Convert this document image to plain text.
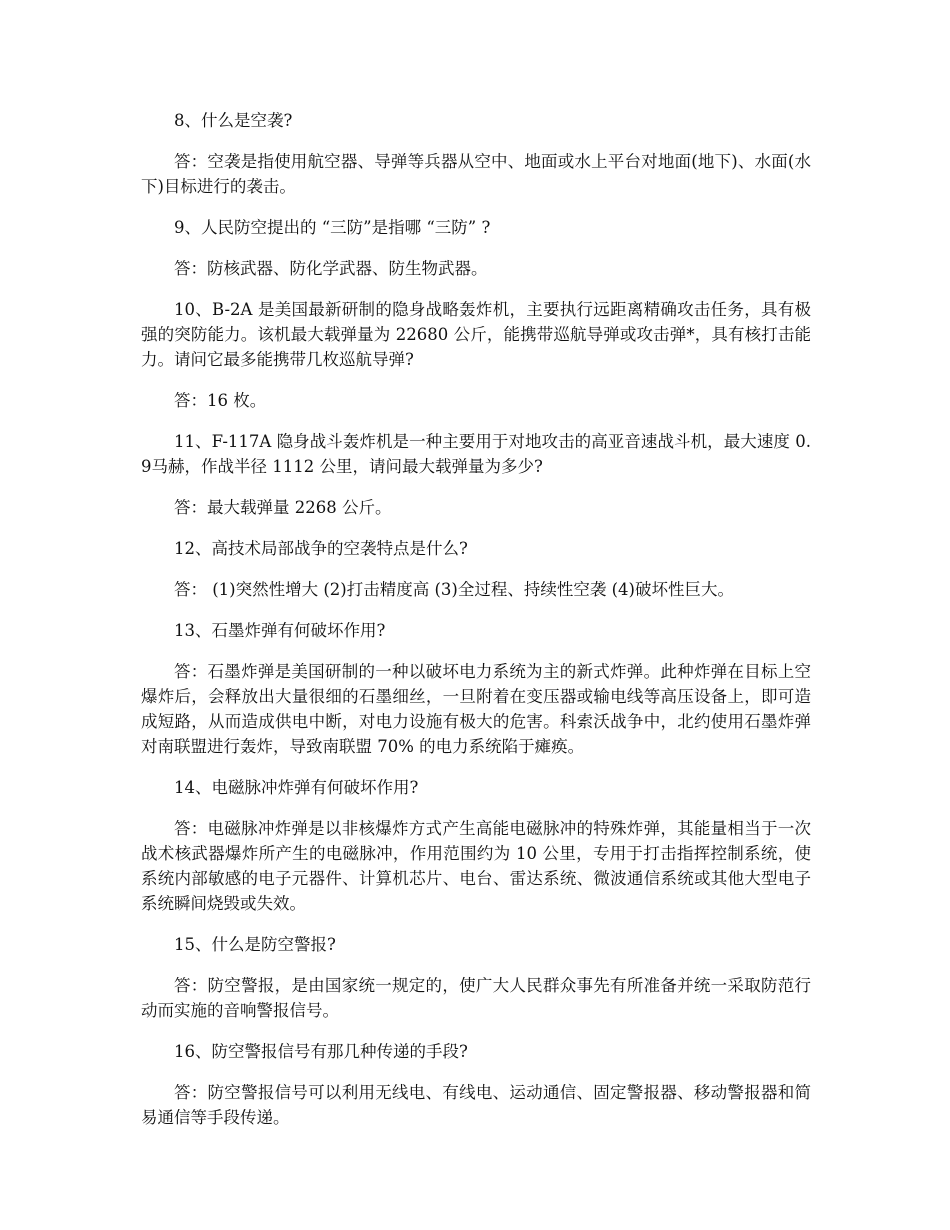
8、什么是空袭?

答：空袭是指使用航空器、导弹等兵器从空中、地面或水上平台对地面(地下)、水面(水下)目标进行的袭击。

9、人民防空提出的 “三防”是指哪 “三防” ?

答：防核武器、防化学武器、防生物武器。

10、B-2A 是美国最新研制的隐身战略轰炸机，主要执行远距离精确攻击任务，具有极强的突防能力。该机最大载弹量为 22680 公斤，能携带巡航导弹或攻击弹*，具有核打击能力。请问它最多能携带几枚巡航导弹?

答：16 枚。

11、F-117A 隐身战斗轰炸机是一种主要用于对地攻击的高亚音速战斗机，最大速度 0.9马赫，作战半径 1112 公里，请问最大载弹量为多少?

答：最大载弹量 2268 公斤。

12、高技术局部战争的空袭特点是什么?

答： (1)突然性增大 (2)打击精度高 (3)全过程、持续性空袭 (4)破坏性巨大。

13、石墨炸弹有何破坏作用?

答：石墨炸弹是美国研制的一种以破坏电力系统为主的新式炸弹。此种炸弹在目标上空爆炸后，会释放出大量很细的石墨细丝，一旦附着在变压器或输电线等高压设备上，即可造成短路，从而造成供电中断，对电力设施有极大的危害。科索沃战争中，北约使用石墨炸弹对南联盟进行轰炸，导致南联盟 70% 的电力系统陷于瘫痪。

14、电磁脉冲炸弹有何破坏作用?

答：电磁脉冲炸弹是以非核爆炸方式产生高能电磁脉冲的特殊炸弹，其能量相当于一次战术核武器爆炸所产生的电磁脉冲，作用范围约为 10 公里，专用于打击指挥控制系统，使系统内部敏感的电子元器件、计算机芯片、电台、雷达系统、微波通信系统或其他大型电子系统瞬间烧毁或失效。

15、什么是防空警报?

答：防空警报，是由国家统一规定的，使广大人民群众事先有所准备并统一采取防范行动而实施的音响警报信号。

16、防空警报信号有那几种传递的手段?

答：防空警报信号可以利用无线电、有线电、运动通信、固定警报器、移动警报器和简易通信等手段传递。
